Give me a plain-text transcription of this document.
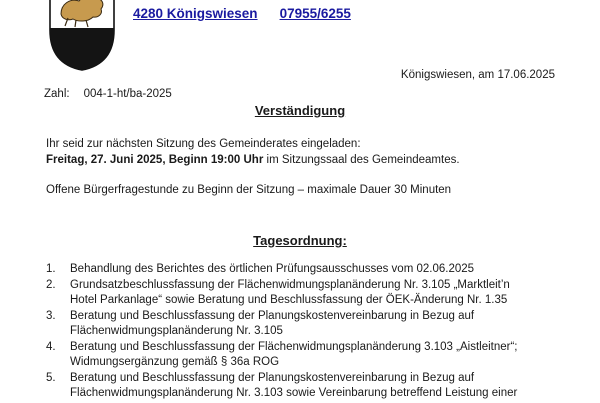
4280 Königswiesen 07955/6255
Königswiesen, am 17.06.2025
Zahl: 004-1-ht/ba-2025
Verständigung
Ihr seid zur nächsten Sitzung des Gemeinderates eingeladen:
Freitag, 27. Juni 2025, Beginn 19:00 Uhr im Sitzungssaal des Gemeindeamtes.
Offene Bürgerfragestunde zu Beginn der Sitzung – maximale Dauer 30 Minuten
Tagesordnung:
1. Behandlung des Berichtes des örtlichen Prüfungsausschusses vom 02.06.2025
2. Grundsatzbeschlussfassung der Flächenwidmungsplanänderung Nr. 3.105 „Marktleit’n
Hotel Parkanlage“ sowie Beratung und Beschlussfassung der ÖEK-Änderung Nr. 1.35
3. Beratung und Beschlussfassung der Planungskostenvereinbarung in Bezug auf
Flächenwidmungsplanänderung Nr. 3.105
4. Beratung und Beschlussfassung der Flächenwidmungsplanänderung 3.103 „Aistleitner“;
Widmungsergänzung gemäß § 36a ROG
5. Beratung und Beschlussfassung der Planungskostenvereinbarung in Bezug auf
Flächenwidmungsplanänderung Nr. 3.103 sowie Vereinbarung betreffend Leistung einer
